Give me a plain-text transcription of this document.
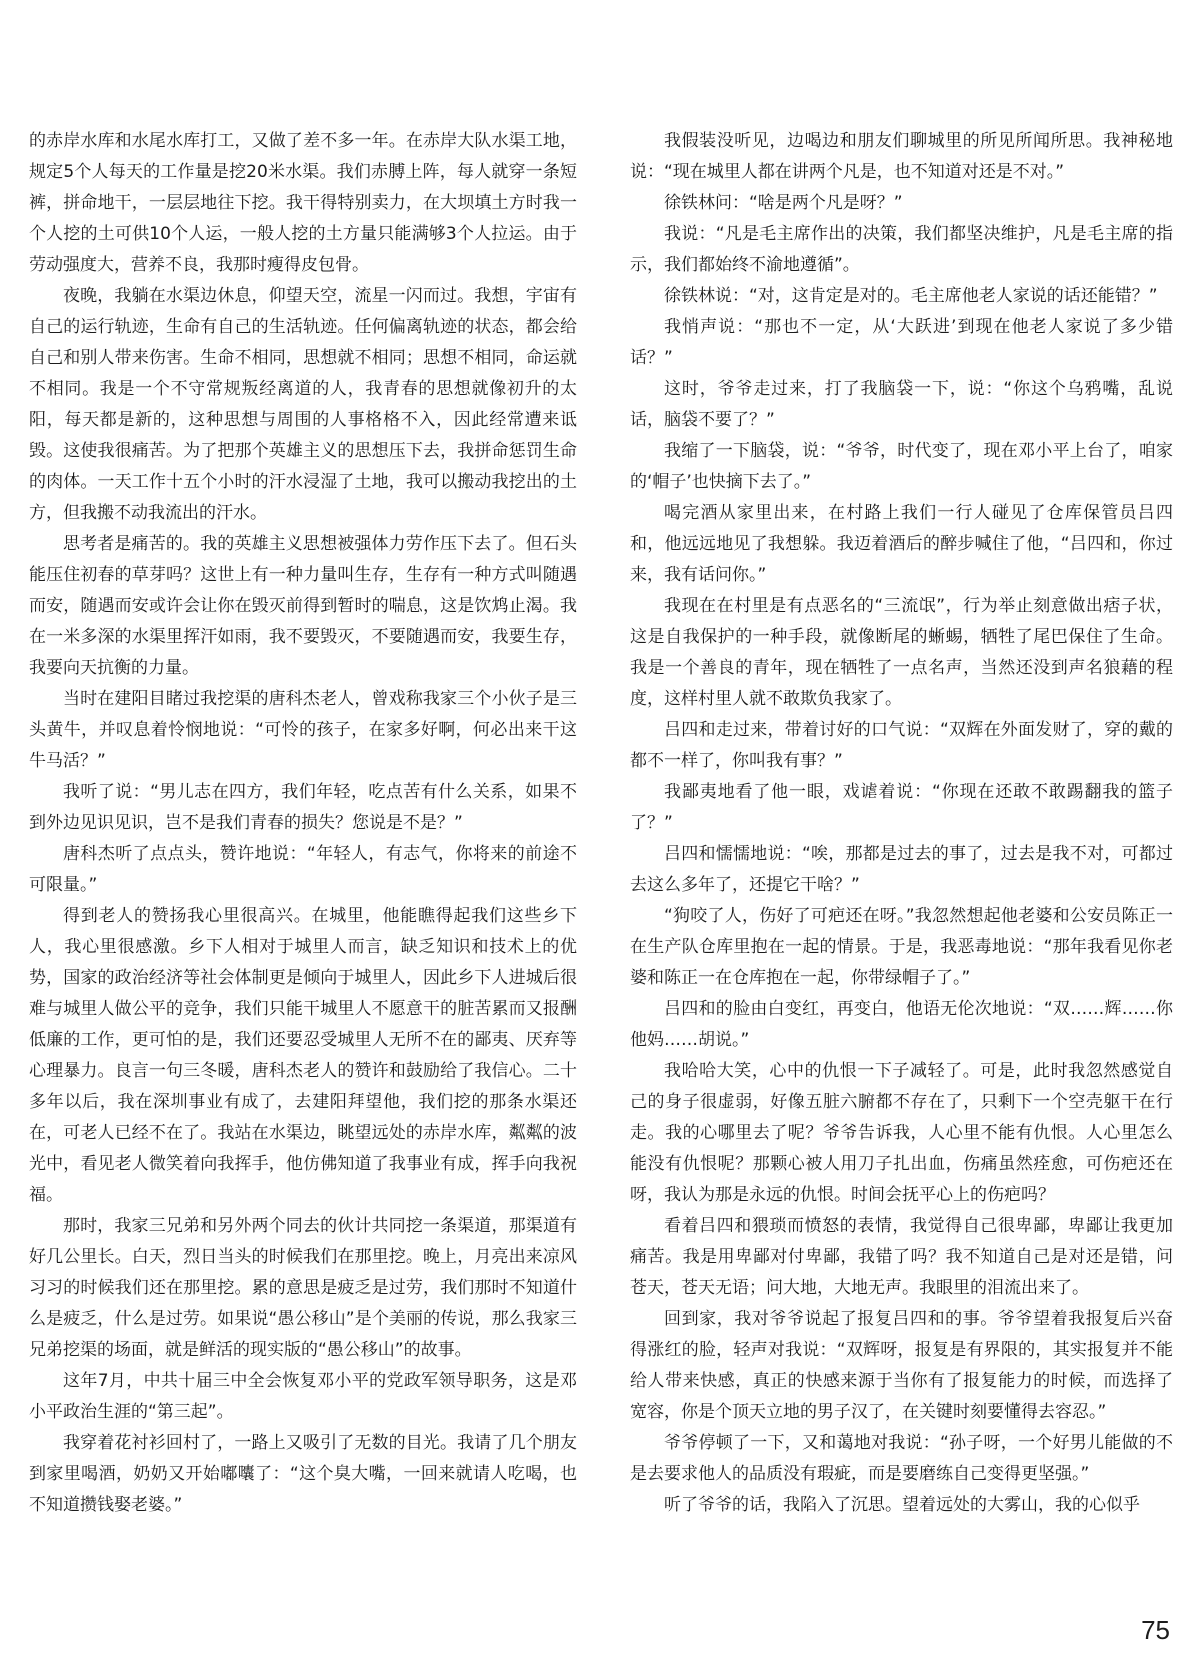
的赤岸水库和水尾水库打工，又做了差不多一年。在赤岸大队水渠工地，规定5个人每天的工作量是挖20米水渠。我们赤膊上阵，每人就穿一条短裤，拼命地干，一层层地往下挖。我干得特别卖力，在大坝填土方时我一个人挖的土可供10个人运，一般人挖的土方量只能满够3个人拉运。由于劳动强度大，营养不良，我那时瘦得皮包骨。

夜晚，我躺在水渠边休息，仰望天空，流星一闪而过。我想，宇宙有自己的运行轨迹，生命有自己的生活轨迹。任何偏离轨迹的状态，都会给自己和别人带来伤害。生命不相同，思想就不相同；思想不相同，命运就不相同。我是一个不守常规叛经离道的人，我青春的思想就像初升的太阳，每天都是新的，这种思想与周围的人事格格不入，因此经常遭来诋毁。这使我很痛苦。为了把那个英雄主义的思想压下去，我拼命惩罚生命的肉体。一天工作十五个小时的汗水浸湿了土地，我可以搬动我挖出的土方，但我搬不动我流出的汗水。

思考者是痛苦的。我的英雄主义思想被强体力劳作压下去了。但石头能压住初春的草芽吗？这世上有一种力量叫生存，生存有一种方式叫随遇而安，随遇而安或许会让你在毁灭前得到暂时的喘息，这是饮鸩止渴。我在一米多深的水渠里挥汗如雨，我不要毁灭，不要随遇而安，我要生存，我要向天抗衡的力量。

当时在建阳目睹过我挖渠的唐科杰老人，曾戏称我家三个小伙子是三头黄牛，并叹息着怜悯地说：“可怜的孩子，在家多好啊，何必出来干这牛马活？”

我听了说：“男儿志在四方，我们年轻，吃点苦有什么关系，如果不到外边见识见识，岂不是我们青春的损失？您说是不是？”

唐科杰听了点点头，赞许地说：“年轻人，有志气，你将来的前途不可限量。”

得到老人的赞扬我心里很高兴。在城里，他能瞧得起我们这些乡下人，我心里很感激。乡下人相对于城里人而言，缺乏知识和技术上的优势，国家的政治经济等社会体制更是倾向于城里人，因此乡下人进城后很难与城里人做公平的竞争，我们只能干城里人不愿意干的脏苦累而又报酬低廉的工作，更可怕的是，我们还要忍受城里人无所不在的鄙夷、厌弃等心理暴力。良言一句三冬暖，唐科杰老人的赞许和鼓励给了我信心。二十多年以后，我在深圳事业有成了，去建阳拜望他，我们挖的那条水渠还在，可老人已经不在了。我站在水渠边，眺望远处的赤岸水库，粼粼的波光中，看见老人微笑着向我挥手，他仿佛知道了我事业有成，挥手向我祝福。

那时，我家三兄弟和另外两个同去的伙计共同挖一条渠道，那渠道有好几公里长。白天，烈日当头的时候我们在那里挖。晚上，月亮出来凉风习习的时候我们还在那里挖。累的意思是疲乏是过劳，我们那时不知道什么是疲乏，什么是过劳。如果说“愚公移山”是个美丽的传说，那么我家三兄弟挖渠的场面，就是鲜活的现实版的“愚公移山”的故事。

这年7月，中共十届三中全会恢复邓小平的党政军领导职务，这是邓小平政治生涯的“第三起”。

我穿着花衬衫回村了，一路上又吸引了无数的目光。我请了几个朋友到家里喝酒，奶奶又开始嘟囔了：“这个臭大嘴，一回来就请人吃喝，也不知道攒钱娶老婆。”

我假装没听见，边喝边和朋友们聊城里的所见所闻所思。我神秘地说：“现在城里人都在讲两个凡是，也不知道对还是不对。”

徐铁林问：“啥是两个凡是呀？”

我说：“凡是毛主席作出的决策，我们都坚决维护，凡是毛主席的指示，我们都始终不渝地遵循”。

徐铁林说：“对，这肯定是对的。毛主席他老人家说的话还能错？”

我悄声说：“那也不一定，从‘大跃进’到现在他老人家说了多少错话？”

这时，爷爷走过来，打了我脑袋一下，说：“你这个乌鸦嘴，乱说话，脑袋不要了？”

我缩了一下脑袋，说：“爷爷，时代变了，现在邓小平上台了，咱家的‘帽子’也快摘下去了。”

喝完酒从家里出来，在村路上我们一行人碰见了仓库保管员吕四和，他远远地见了我想躲。我迈着酒后的醉步喊住了他，“吕四和，你过来，我有话问你。”

我现在在村里是有点恶名的“三流氓”，行为举止刻意做出痞子状，这是自我保护的一种手段，就像断尾的蜥蜴，牺牲了尾巴保住了生命。我是一个善良的青年，现在牺牲了一点名声，当然还没到声名狼藉的程度，这样村里人就不敢欺负我家了。

吕四和走过来，带着讨好的口气说：“双辉在外面发财了，穿的戴的都不一样了，你叫我有事？”

我鄙夷地看了他一眼，戏谑着说：“你现在还敢不敢踢翻我的篮子了？”

吕四和懦懦地说：“唉，那都是过去的事了，过去是我不对，可都过去这么多年了，还提它干啥？”

“狗咬了人，伤好了可疤还在呀。”我忽然想起他老婆和公安员陈正一在生产队仓库里抱在一起的情景。于是，我恶毒地说：“那年我看见你老婆和陈正一在仓库抱在一起，你带绿帽子了。”

吕四和的脸由白变红，再变白，他语无伦次地说：“双……辉……你他妈……胡说。”

我哈哈大笑，心中的仇恨一下子减轻了。可是，此时我忽然感觉自己的身子很虚弱，好像五脏六腑都不存在了，只剩下一个空壳躯干在行走。我的心哪里去了呢？爷爷告诉我，人心里不能有仇恨。人心里怎么能没有仇恨呢？那颗心被人用刀子扎出血，伤痛虽然痊愈，可伤疤还在呀，我认为那是永远的仇恨。时间会抚平心上的伤疤吗？

看着吕四和猥琐而愤怒的表情，我觉得自己很卑鄙，卑鄙让我更加痛苦。我是用卑鄙对付卑鄙，我错了吗？我不知道自己是对还是错，问苍天，苍天无语；问大地，大地无声。我眼里的泪流出来了。

回到家，我对爷爷说起了报复吕四和的事。爷爷望着我报复后兴奋得涨红的脸，轻声对我说：“双辉呀，报复是有界限的，其实报复并不能给人带来快感，真正的快感来源于当你有了报复能力的时候，而选择了宽容，你是个顶天立地的男子汉了，在关键时刻要懂得去容忍。”

爷爷停顿了一下，又和蔼地对我说：“孙子呀，一个好男儿能做的不是去要求他人的品质没有瑕疵，而是要磨练自己变得更坚强。”

听了爷爷的话，我陷入了沉思。望着远处的大雾山，我的心似乎

75
